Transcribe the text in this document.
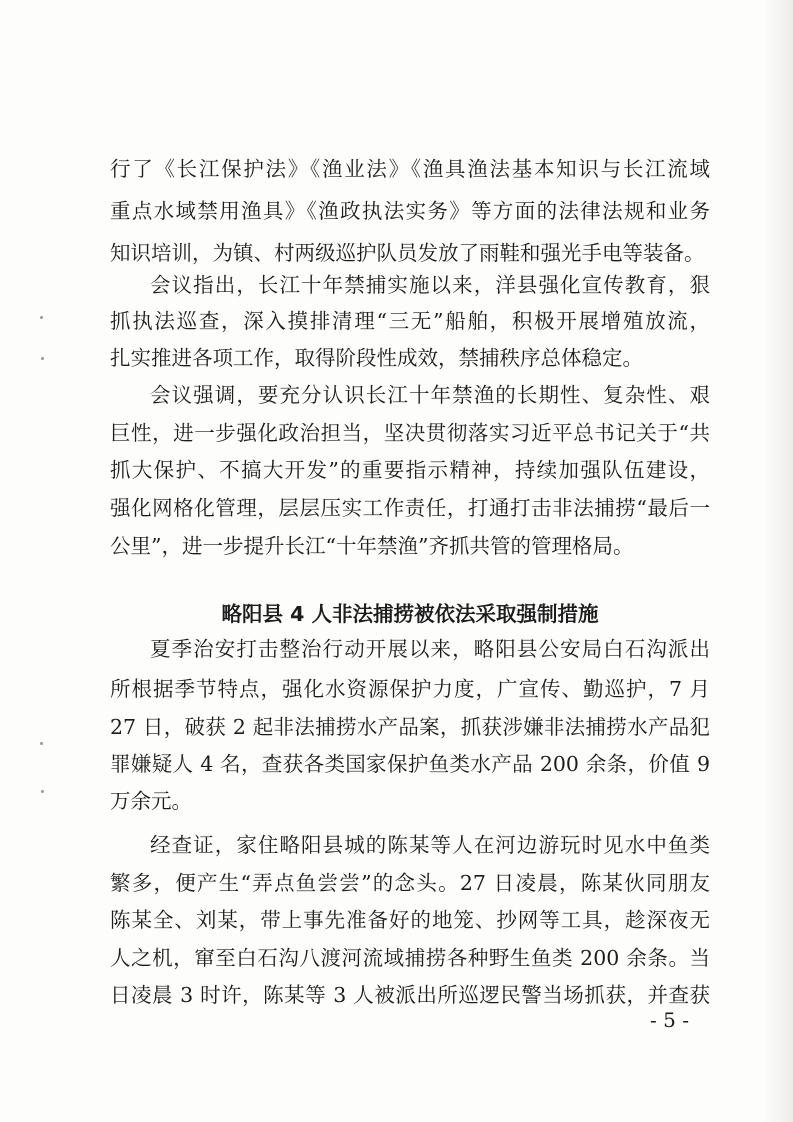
行了《长江保护法》《渔业法》《渔具渔法基本知识与长江流域
重点水域禁用渔具》《渔政执法实务》等方面的法律法规和业务
知识培训，为镇、村两级巡护队员发放了雨鞋和强光手电等装备。
会议指出，长江十年禁捕实施以来，洋县强化宣传教育，狠
抓执法巡查，深入摸排清理“三无”船舶，积极开展增殖放流，
扎实推进各项工作，取得阶段性成效，禁捕秩序总体稳定。
会议强调，要充分认识长江十年禁渔的长期性、复杂性、艰
巨性，进一步强化政治担当，坚决贯彻落实习近平总书记关于“共
抓大保护、不搞大开发”的重要指示精神，持续加强队伍建设，
强化网格化管理，层层压实工作责任，打通打击非法捕捞“最后一
公里”，进一步提升长江“十年禁渔”齐抓共管的管理格局。
略阳县 4 人非法捕捞被依法采取强制措施
夏季治安打击整治行动开展以来，略阳县公安局白石沟派出
所根据季节特点，强化水资源保护力度，广宣传、勤巡护，7 月
27 日，破获 2 起非法捕捞水产品案，抓获涉嫌非法捕捞水产品犯
罪嫌疑人 4 名，查获各类国家保护鱼类水产品 200 余条，价值 9
万余元。
经查证，家住略阳县城的陈某等人在河边游玩时见水中鱼类
繁多，便产生“弄点鱼尝尝”的念头。27 日凌晨，陈某伙同朋友
陈某全、刘某，带上事先准备好的地笼、抄网等工具，趁深夜无
人之机，窜至白石沟八渡河流域捕捞各种野生鱼类 200 余条。当
日凌晨 3 时许，陈某等 3 人被派出所巡逻民警当场抓获，并查获
- 5 -
